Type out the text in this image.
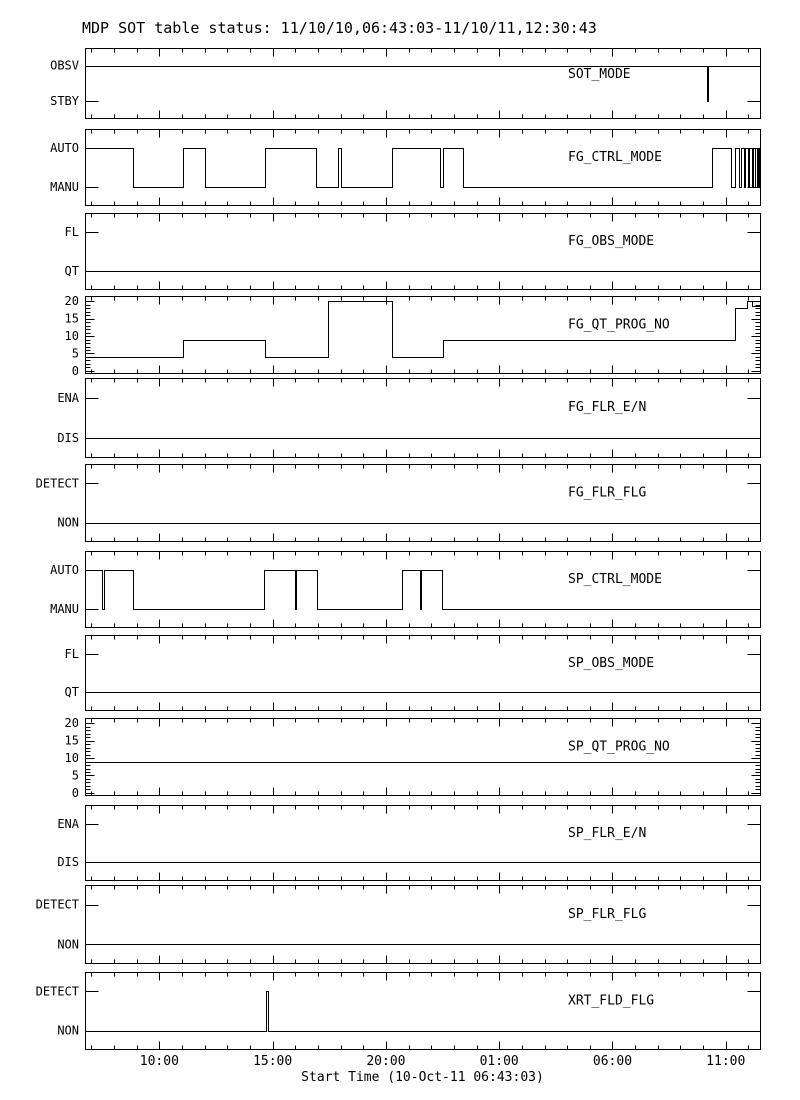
MDP SOT table status: 11/10/10,06:43:03-11/10/11,12:30:43
OBSV
STBY
SOT_MODE
AUTO
MANU
FG_CTRL_MODE
FL
QT
FG_OBS_MODE
0
5
10
15
20
FG_QT_PROG_NO
ENA
DIS
FG_FLR_E/N
DETECT
NON
FG_FLR_FLG
AUTO
MANU
SP_CTRL_MODE
FL
QT
SP_OBS_MODE
0
5
10
15
20
SP_QT_PROG_NO
ENA
DIS
SP_FLR_E/N
DETECT
NON
SP_FLR_FLG
DETECT
NON
XRT_FLD_FLG
10:00	15:00	20:00	01:00	06:00	11:00
Start Time (10-Oct-11 06:43:03)
